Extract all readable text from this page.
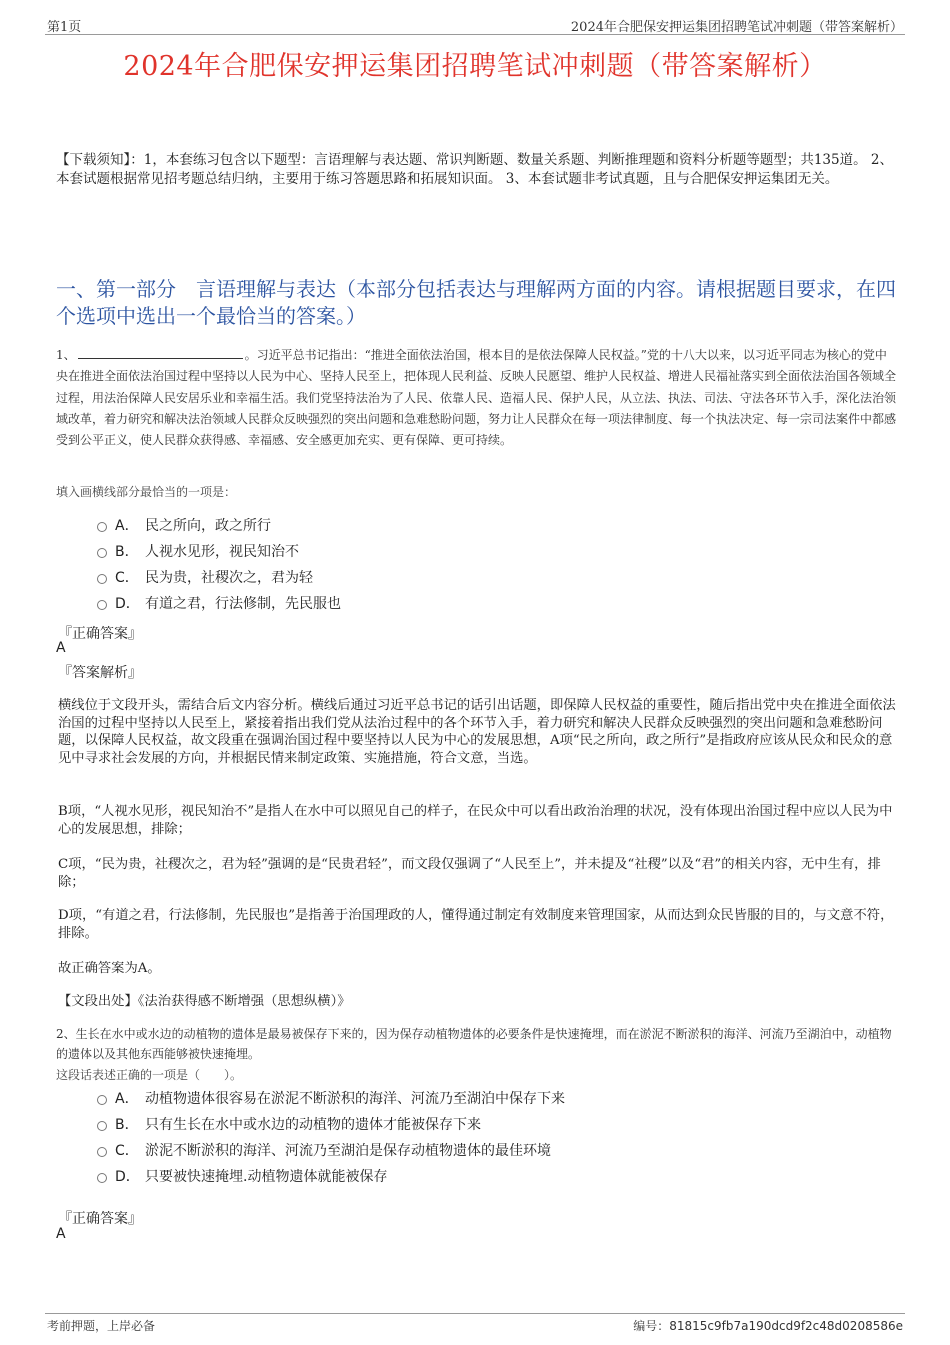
第1页	2024年合肥保安押运集团招聘笔试冲刺题（带答案解析）
2024年合肥保安押运集团招聘笔试冲刺题（带答案解析）
【下载须知】：1，本套练习包含以下题型：言语理解与表达题、常识判断题、数量关系题、判断推理题和资料分析题等题型；共135道。 2、本套试题根据常见招考题总结归纳，主要用于练习答题思路和拓展知识面。 3、本套试题非考试真题，且与合肥保安押运集团无关。
一、第一部分　言语理解与表达（本部分包括表达与理解两方面的内容。请根据题目要求，在四个选项中选出一个最恰当的答案。）
1、	。习近平总书记指出：“推进全面依法治国，根本目的是依法保障人民权益。”党的十八大以来，以习近平同志为核心的党中央在推进全面依法治国过程中坚持以人民为中心、坚持人民至上，把体现人民利益、反映人民愿望、维护人民权益、增进人民福祉落实到全面依法治国各领域全过程，用法治保障人民安居乐业和幸福生活。我们党坚持法治为了人民、依靠人民、造福人民、保护人民，从立法、执法、司法、守法各环节入手，深化法治领域改革，着力研究和解决法治领域人民群众反映强烈的突出问题和急难愁盼问题，努力让人民群众在每一项法律制度、每一个执法决定、每一宗司法案件中都感受到公平正义，使人民群众获得感、幸福感、安全感更加充实、更有保障、更可持续。
填入画横线部分最恰当的一项是：
A． 民之所向，政之所行
B． 人视水见形，视民知治不
C． 民为贵，社稷次之，君为轻
D． 有道之君，行法修制，先民服也
『正确答案』
A
『答案解析』
横线位于文段开头，需结合后文内容分析。横线后通过习近平总书记的话引出话题，即保障人民权益的重要性，随后指出党中央在推进全面依法治国的过程中坚持以人民至上，紧接着指出我们党从法治过程中的各个环节入手，着力研究和解决人民群众反映强烈的突出问题和急难愁盼问题，以保障人民权益，故文段重在强调治国过程中要坚持以人民为中心的发展思想，A项“民之所向，政之所行”是指政府应该从民众和民众的意见中寻求社会发展的方向，并根据民情来制定政策、实施措施，符合文意，当选。
B项，“人视水见形，视民知治不”是指人在水中可以照见自己的样子，在民众中可以看出政治治理的状况，没有体现出治国过程中应以人民为中心的发展思想，排除；
C项，“民为贵，社稷次之，君为轻”强调的是“民贵君轻”，而文段仅强调了“人民至上”，并未提及“社稷”以及“君”的相关内容，无中生有，排除；
D项，“有道之君，行法修制，先民服也”是指善于治国理政的人，懂得通过制定有效制度来管理国家，从而达到众民皆服的目的，与文意不符，排除。
故正确答案为A。
【文段出处】《法治获得感不断增强（思想纵横）》
2、生长在水中或水边的动植物的遗体是最易被保存下来的，因为保存动植物遗体的必要条件是快速掩埋，而在淤泥不断淤积的海洋、河流乃至湖泊中，动植物的遗体以及其他东西能够被快速掩埋。
这段话表述正确的一项是（　　）。
A． 动植物遗体很容易在淤泥不断淤积的海洋、河流乃至湖泊中保存下来
B． 只有生长在水中或水边的动植物的遗体才能被保存下来
C． 淤泥不断淤积的海洋、河流乃至湖泊是保存动植物遗体的最佳环境
D． 只要被快速掩埋.动植物遗体就能被保存
『正确答案』
A
考前押题，上岸必备	编号：81815c9fb7a190dcd9f2c48d0208586e
